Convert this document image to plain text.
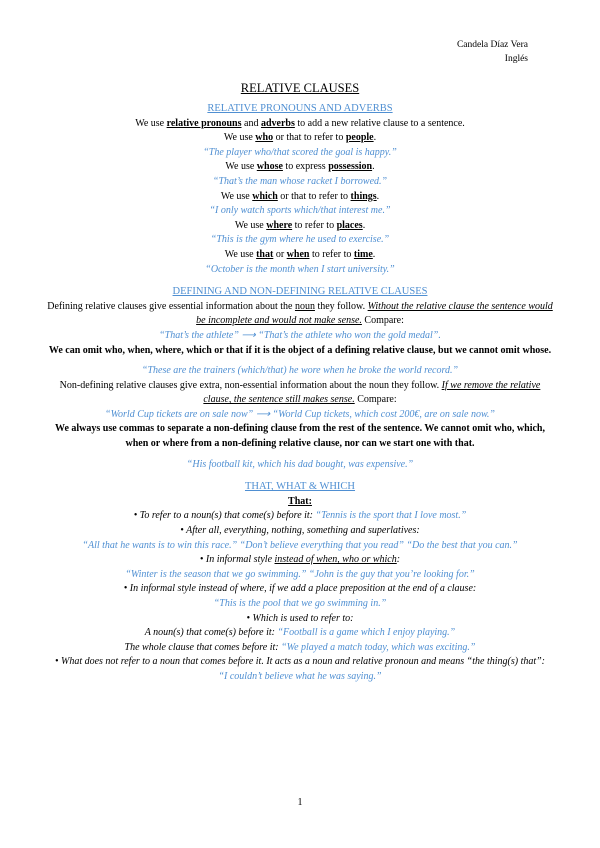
Candela Díaz Vera
Inglés
RELATIVE CLAUSES
RELATIVE PRONOUNS AND ADVERBS
We use relative pronouns and adverbs to add a new relative clause to a sentence.
We use who or that to refer to people.
“The player who/that scored the goal is happy.”
We use whose to express possession.
“That’s the man whose racket I borrowed.”
We use which or that to refer to things.
“I only watch sports which/that interest me.”
We use where to refer to places.
“This is the gym where he used to exercise.”
We use that or when to refer to time.
“October is the month when I start university.”
DEFINING AND NON-DEFINING RELATIVE CLAUSES
Defining relative clauses give essential information about the noun they follow. Without the relative clause the sentence would be incomplete and would not make sense. Compare:
“That’s the athlete” ⟶ “That’s the athlete who won the gold medal”.
We can omit who, when, where, which or that if it is the object of a defining relative clause, but we cannot omit whose.
“These are the trainers (which/that) he wore when he broke the world record.”
Non-defining relative clauses give extra, non-essential information about the noun they follow. If we remove the relative clause, the sentence still makes sense. Compare:
“World Cup tickets are on sale now” ⟶ “World Cup tickets, which cost 200€, are on sale now.”
We always use commas to separate a non-defining clause from the rest of the sentence. We cannot omit who, which, when or where from a non-defining relative clause, nor can we start one with that.
“His football kit, which his dad bought, was expensive.”
THAT, WHAT & WHICH
That:
• To refer to a noun(s) that come(s) before it: “Tennis is the sport that I love most.”
• After all, everything, nothing, something and superlatives:
“All that he wants is to win this race.” “Don’t believe everything that you read” “Do the best that you can.”
• In informal style instead of when, who or which:
“Winter is the season that we go swimming.” “John is the guy that you’re looking for.”
• In informal style instead of where, if we add a place preposition at the end of a clause:
“This is the pool that we go swimming in.”
• Which is used to refer to:
A noun(s) that come(s) before it: “Football is a game which I enjoy playing.”
The whole clause that comes before it: “We played a match today, which was exciting.”
• What does not refer to a noun that comes before it. It acts as a noun and relative pronoun and means “the thing(s) that”:
“I couldn’t believe what he was saying.”
1
